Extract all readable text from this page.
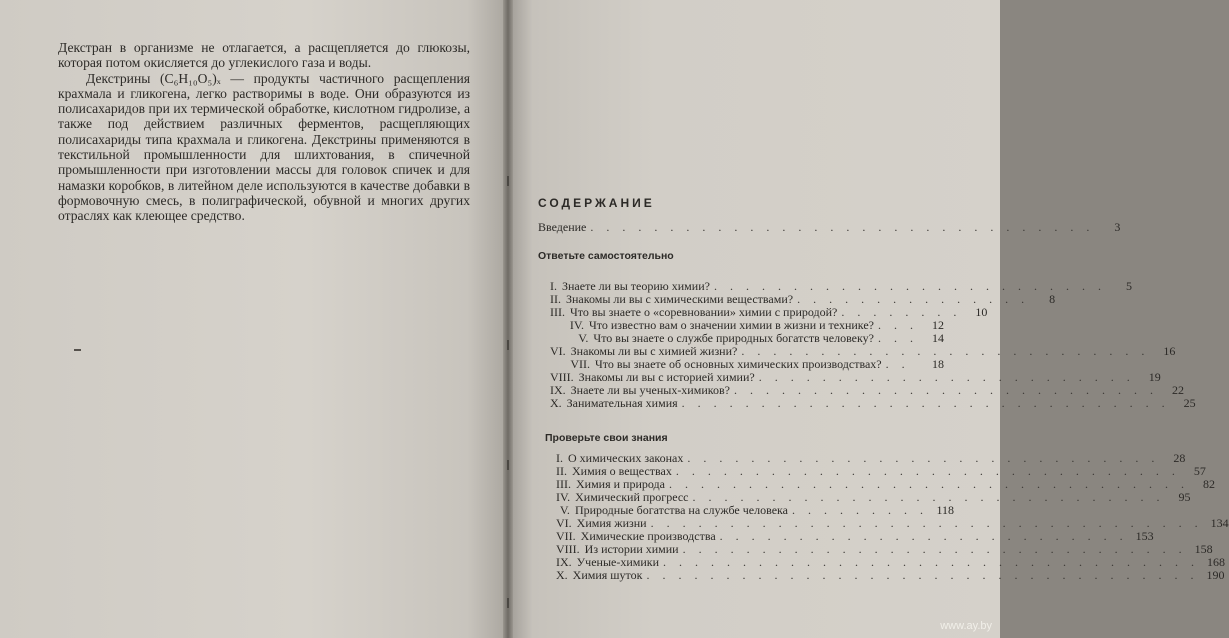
Декстран в организме не отлагается, а расщепляется до глюкозы, которая потом окисляется до углекислого газа и воды.

Декстрины (C₆H₁₀O₅)ₓ — продукты частичного расщепления крахмала и гликогена, легко растворимы в воде. Они образуются из полисахаридов при их термической обработке, кислотном гидролизе, а также под действием различных ферментов, расщепляющих полисахариды типа крахмала и гликогена. Декстрины применяются в текстильной промышленности для шлихтования, в спичечной промышленности при изготовлении массы для головок спичек и для намазки коробков, в литейном деле используются в качестве добавки в формовочную смесь, в полиграфической, обувной и многих других отраслях как клеющее средство.

СОДЕРЖАНИЕ
Введение . . . . . . . . . . . . . . . . . . . . . . . . . . . . . . . .	3
Ответьте самостоятельно
I. Знаете ли вы теорию химии? . . . . . . . . . . . . . . . . . . . . . . . . .	5
II. Знакомы ли вы с химическими веществами? . . . . . . . . . . . . . . .	8
III. Что вы знаете о «соревновании» химии с природой? . . . . . . . .	10
IV. Что известно вам о значении химии в жизни и технике? . . .	12
V. Что вы знаете о службе природных богатств человеку? . . .	14
VI. Знакомы ли вы с химией жизни? . . . . . . . . . . . . . . . . . . . . . . . . . .	16
VII. Что вы знаете об основных химических производствах? . .	18
VIII. Знакомы ли вы с историей химии? . . . . . . . . . . . . . . . . . . . . . . . .	19
IX. Знаете ли вы ученых-химиков? . . . . . . . . . . . . . . . . . . . . . . . . . . .	22
X. Занимательная химия . . . . . . . . . . . . . . . . . . . . . . . . . . . . . . .	25
Проверьте свои знания
I. О химических законах . . . . . . . . . . . . . . . . . . . . . . . . . . . . . .	28
II. Химия о веществах . . . . . . . . . . . . . . . . . . . . . . . . . . . . . . . .	57
III. Химия и природа . . . . . . . . . . . . . . . . . . . . . . . . . . . . . . . . .	82
IV. Химический прогресс . . . . . . . . . . . . . . . . . . . . . . . . . . . . . .	95
V. Природные богатства на службе человека . . . . . . . . . 118
VI. Химия жизни . . . . . . . . . . . . . . . . . . . . . . . . . . . . . . . . . . . 134
VII. Химические производства . . . . . . . . . . . . . . . . . . . . . . . . . . 153
VIII. Из истории химии . . . . . . . . . . . . . . . . . . . . . . . . . . . . . . . . 158
IX. Ученые-химики . . . . . . . . . . . . . . . . . . . . . . . . . . . . . . . . . . 168
X. Химия шуток . . . . . . . . . . . . . . . . . . . . . . . . . . . . . . . . . . . 190
www.ay.by
